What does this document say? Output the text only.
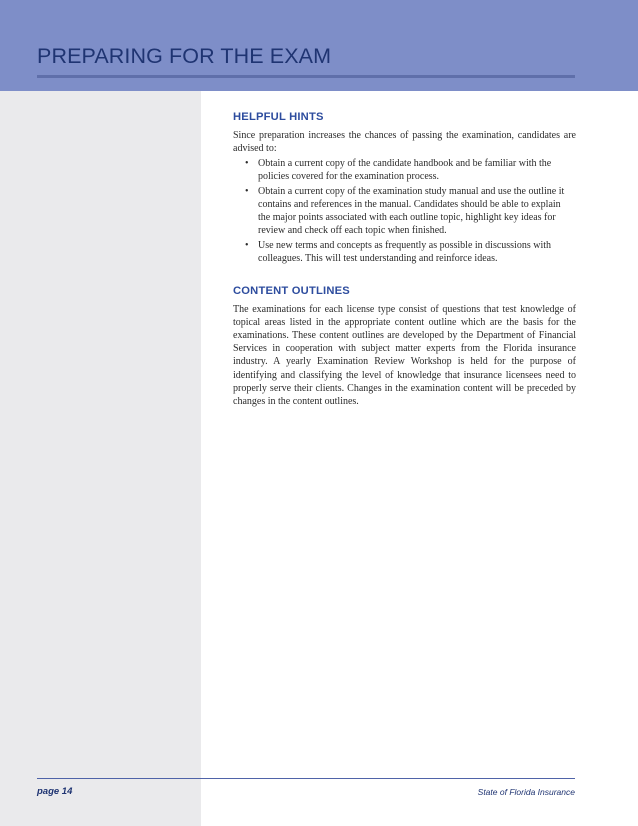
PREPARING FOR THE EXAM
HELPFUL HINTS

Since preparation increases the chances of passing the examination, candidates are advised to:

• Obtain a current copy of the candidate handbook and be familiar with the policies covered for the examination process.
• Obtain a current copy of the examination study manual and use the outline it contains and references in the manual. Candidates should be able to explain the major points associated with each outline topic, highlight key ideas for review and check off each topic when finished.
• Use new terms and concepts as frequently as possible in discussions with colleagues. This will test understanding and reinforce ideas.
CONTENT OUTLINES

The examinations for each license type consist of questions that test knowledge of topical areas listed in the appropriate content outline which are the basis for the examinations. These content outlines are developed by the Department of Financial Services in cooperation with subject matter experts from the Florida insurance industry. A yearly Examination Review Workshop is held for the purpose of identifying and classifying the level of knowledge that insurance licensees need to properly serve their clients. Changes in the examination content will be preceded by changes in the content outlines.

page 14	State of Florida Insurance
